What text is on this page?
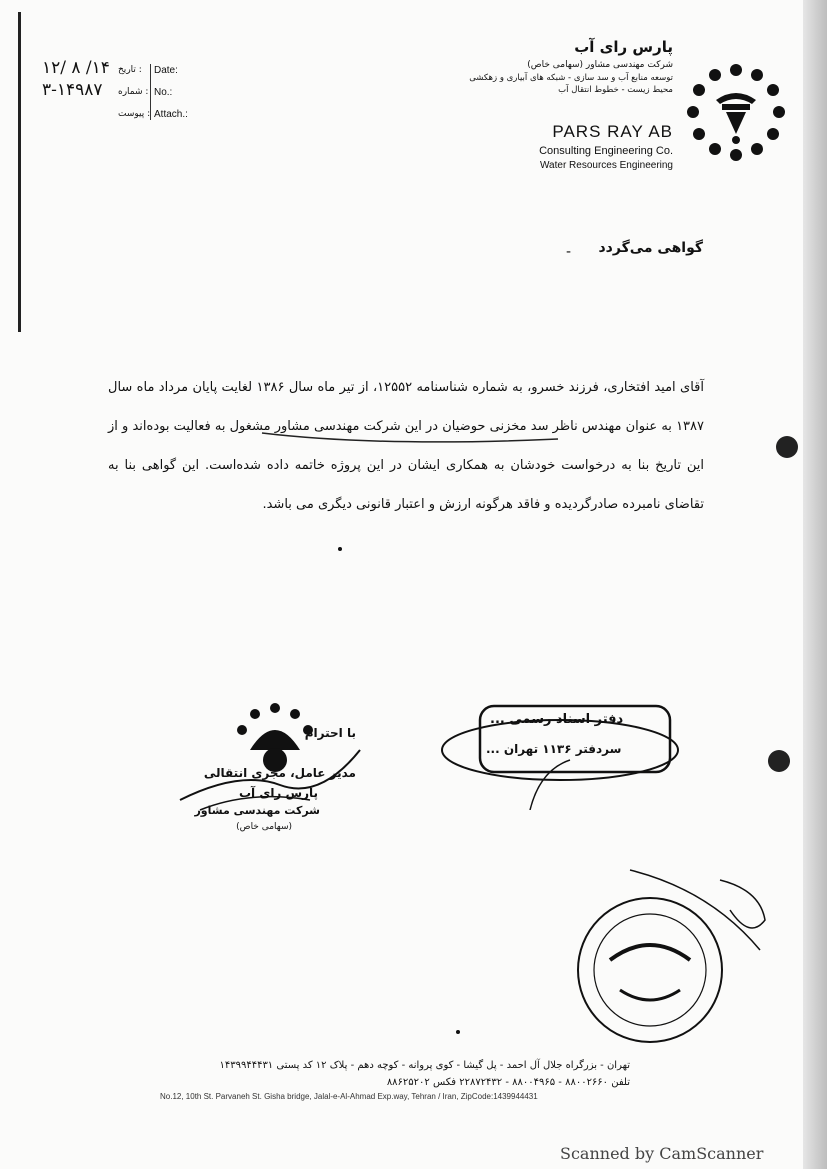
۱۲/ ۸ /۱۴ تاریخ : Date:
۳-۱۴۹۸۷ شماره : No.:
پیوست : Attach.:
پارس رای آب
شرکت مهندسی مشاور (سهامی خاص)
توسعه منابع آب و سد سازی - شبکه های آبیاری و زهکشی
محیط زیست - خطوط انتقال آب
PARS RAY AB
Consulting Engineering Co.
Water Resources Engineering
گواهی می‌گردد
-
آقای امید افتخاری، فرزند خسرو، به شماره شناسنامه ۱۲۵۵۲، از تیر ماه سال ۱۳۸۶ لغایت پایان مرداد ماه سال ۱۳۸۷ به عنوان مهندس ناظر سد مخزنی حوضیان در این شرکت مهندسی مشاور مشغول به فعالیت بوده‌اند و از این تاریخ بنا به درخواست خودشان به همکاری ایشان در این پروژه خاتمه داده شده‌است. این گواهی بنا به تقاضای نامبرده صادرگردیده و فاقد هرگونه ارزش و اعتبار قانونی دیگری می باشد.
با احترام
مدیر عامل، مجری انتقالی
پارس رای آب
شرکت مهندسی مشاور
(سهامی خاص)
دفتر اسناد رسمی ...
سردفتر ۱۱۳۶ تهران ...
تهران - بزرگراه جلال آل احمد - پل گیشا - کوی پروانه - کوچه دهم - پلاک ۱۲ کد پستی ۱۴۳۹۹۴۴۴۳۱
تلفن ۸۸۰۰۲۶۶۰ - ۸۸۰۰۴۹۶۵ - ۲۲۸۷۲۴۳۲ فکس ۸۸۶۲۵۲۰۲
No.12, 10th St. Parvaneh St. Gisha bridge, Jalal-e-Al-Ahmad Exp.way, Tehran / Iran, ZipCode:1439944431
Scanned by CamScanner
